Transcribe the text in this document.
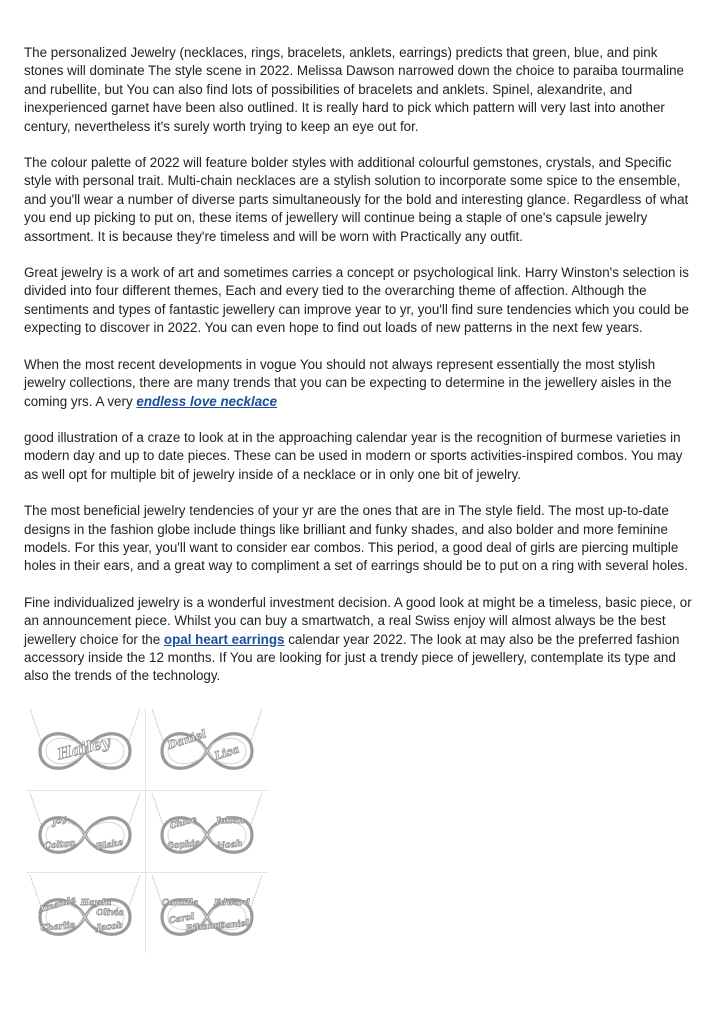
The personalized Jewelry (necklaces, rings, bracelets, anklets, earrings) predicts that green, blue, and pink stones will dominate The style scene in 2022. Melissa Dawson narrowed down the choice to paraiba tourmaline and rubellite, but You can also find lots of possibilities of bracelets and anklets. Spinel, alexandrite, and inexperienced garnet have been also outlined. It is really hard to pick which pattern will very last into another century, nevertheless it's surely worth trying to keep an eye out for.

The colour palette of 2022 will feature bolder styles with additional colourful gemstones, crystals, and Specific style with personal trait. Multi-chain necklaces are a stylish solution to incorporate some spice to the ensemble, and you'll wear a number of diverse parts simultaneously for the bold and interesting glance. Regardless of what you end up picking to put on, these items of jewellery will continue being a staple of one's capsule jewelry assortment. It is because they're timeless and will be worn with Practically any outfit.

Great jewelry is a work of art and sometimes carries a concept or psychological link. Harry Winston's selection is divided into four different themes, Each and every tied to the overarching theme of affection. Although the sentiments and types of fantastic jewellery can improve year to yr, you'll find sure tendencies which you could be expecting to discover in 2022. You can even hope to find out loads of new patterns in the next few years.

When the most recent developments in vogue You should not always represent essentially the most stylish jewelry collections, there are many trends that you can be expecting to determine in the jewellery aisles in the coming yrs. A very endless love necklace

good illustration of a craze to look at in the approaching calendar year is the recognition of burmese varieties in modern day and up to date pieces. These can be used in modern or sports activities-inspired combos. You may as well opt for multiple bit of jewelry inside of a necklace or in only one bit of jewelry.

The most beneficial jewelry tendencies of your yr are the ones that are in The style field. The most up-to-date designs in the fashion globe include things like brilliant and funky shades, and also bolder and more feminine models. For this year, you'll want to consider ear combos. This period, a good deal of girls are piercing multiple holes in their ears, and a great way to compliment a set of earrings should be to put on a ring with several holes.

Fine individualized jewelry is a wonderful investment decision. A good look at might be a timeless, basic piece, or an announcement piece. Whilst you can buy a smartwatch, a real Swiss enjoy will almost always be the best jewellery choice for the opal heart earrings calendar year 2022. The look at may also be the preferred fashion accessory inside the 12 months. If You are looking for just a trendy piece of jewellery, contemplate its type and also the trends of the technology.

Hailey	Daniel
Lisa
Joy
Colton Blake
Chloe Julian
Sophia Noah
Amanda Haydn
Olivia
Charlie Jacob
Camilla Edward
Carol
Rihanna
Daniel
